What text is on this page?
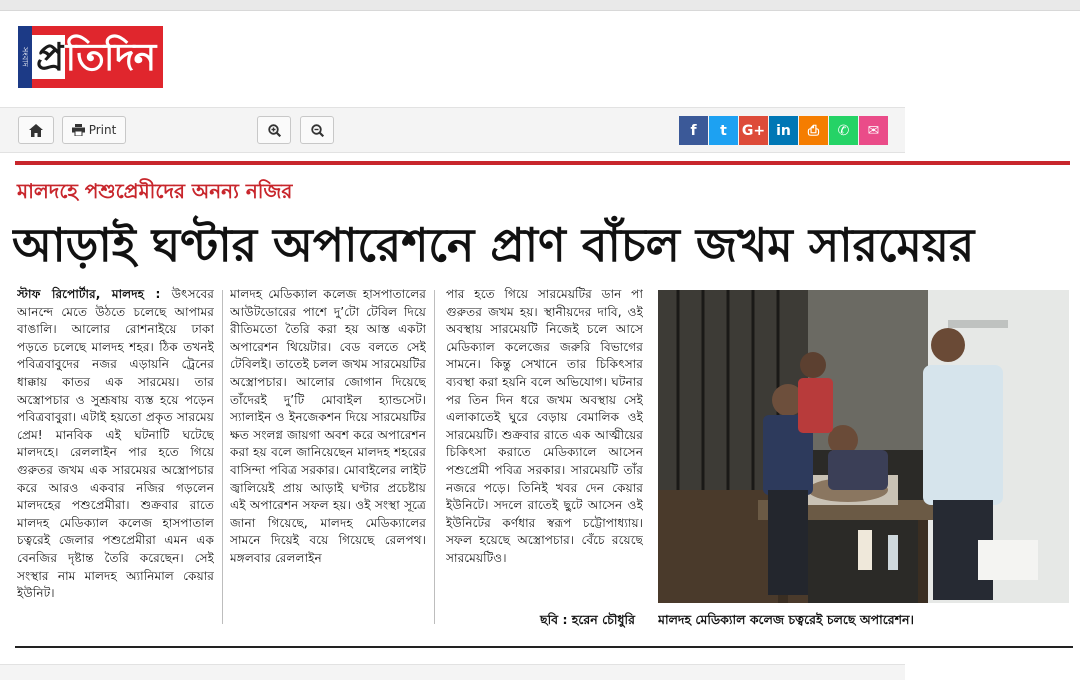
সংবাদ প্রতিদিন
Print	f t G+ in ⎙ ✆ ✉
মালদহে পশুপ্রেমীদের অনন্য নজির
আড়াই ঘণ্টার অপারেশনে প্রাণ বাঁচল জখম সারমেয়র
স্টাফ রিপোর্টার, মালদহ : উৎসবের আনন্দে মেতে উঠতে চলেছে আপামর বাঙালি। আলোর রোশনাইয়ে ঢাকা পড়তে চলেছে মালদহ শহর। ঠিক তখনই পবিত্রবাবুদের নজর এড়ায়নি ট্রেনের ধাক্কায় কাতর এক সারমেয়। তার অস্ত্রোপচার ও সুশ্রূষায় ব্যস্ত হয়ে পড়েন পবিত্রবাবুরা। এটাই হয়তো প্রকৃত সারমেয় প্রেম! মানবিক এই ঘটনাটি ঘটেছে মালদহে। রেললাইন পার হতে গিয়ে গুরুতর জখম এক সারমেয়র অস্ত্রোপচার করে আরও একবার নজির গড়লেন মালদহের পশুপ্রেমীরা। শুক্রবার রাতে মালদহ মেডিক্যাল কলেজ হাসপাতাল চত্বরেই জেলার পশুপ্রেমীরা এমন এক বেনজির দৃষ্টান্ত তৈরি করেছেন। সেই সংস্থার নাম মালদহ অ্যানিমাল কেয়ার ইউনিট।
মালদহ মেডিক্যাল কলেজ হাসপাতালের আউটডোরের পাশে দু’টো টেবিল দিয়ে রীতিমতো তৈরি করা হয় আস্ত একটা অপারেশন থিয়েটার। বেড বলতে সেই টেবিলই। তাতেই চলল জখম সারমেয়টির অস্ত্রোপচার। আলোর জোগান দিয়েছে তাঁদেরই দু’টি মোবাইল হ্যান্ডসেট। স্যালাইন ও ইনজেকশন দিয়ে সারমেয়টির ক্ষত সংলগ্ন জায়গা অবশ করে অপারেশন করা হয় বলে জানিয়েছেন মালদহ শহরের বাসিন্দা পবিত্র সরকার। মোবাইলের লাইট জ্বালিয়েই প্রায় আড়াই ঘণ্টার প্রচেষ্টায় এই অপারেশন সফল হয়। ওই সংস্থা সূত্রে জানা গিয়েছে, মালদহ মেডিক্যালের সামনে দিয়েই বয়ে গিয়েছে রেলপথ। মঙ্গলবার রেললাইন
পার হতে গিয়ে সারমেয়টির ডান পা গুরুতর জখম হয়। স্থানীয়দের দাবি, ওই অবস্থায় সারমেয়টি নিজেই চলে আসে মেডিক্যাল কলেজের জরুরি বিভাগের সামনে। কিন্তু সেখানে তার চিকিৎসার ব্যবস্থা করা হয়নি বলে অভিযোগ। ঘটনার পর তিন দিন ধরে জখম অবস্থায় সেই এলাকাতেই ঘুরে বেড়ায় বেমালিক ওই সারমেয়টি। শুক্রবার রাতে এক আত্মীয়ের চিকিৎসা করাতে মেডিক্যালে আসেন পশুপ্রেমী পবিত্র সরকার। সারমেয়টি তাঁর নজরে পড়ে। তিনিই খবর দেন কেয়ার ইউনিটে। সদলে রাতেই ছুটে আসেন ওই ইউনিটের কর্ণধার স্বরূপ চট্টোপাধ্যায়। সফল হয়েছে অস্ত্রোপচার। বেঁচে রয়েছে সারমেয়টিও।
ছবি : হরেন চৌধুরি মালদহ মেডিক্যাল কলেজ চত্বরেই চলছে অপারেশন।
